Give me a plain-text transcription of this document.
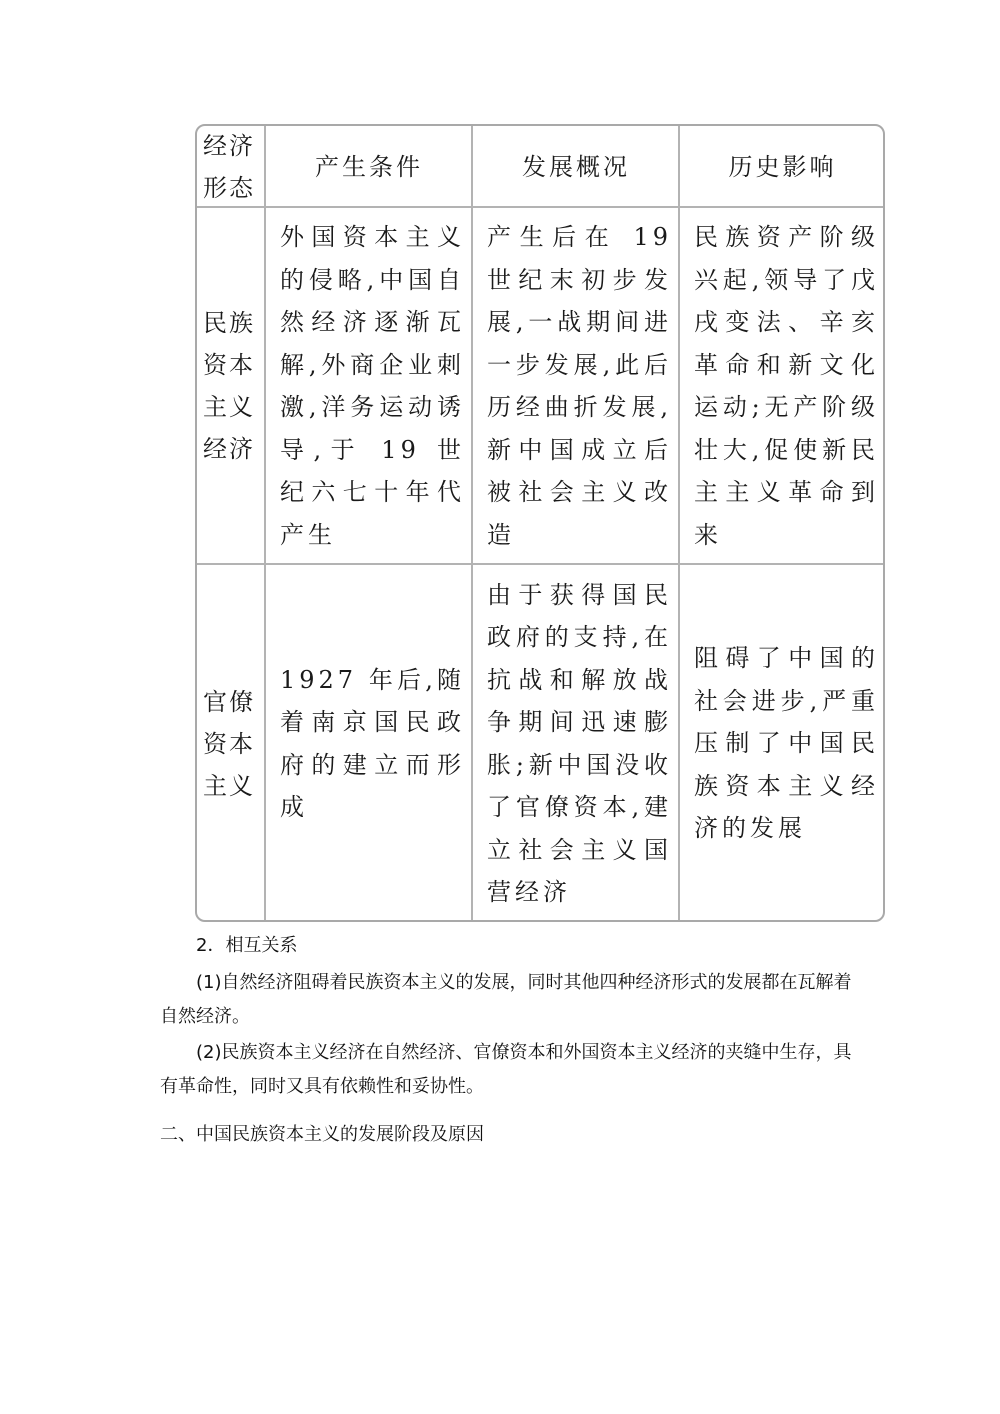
经济
形态
产生条件	发展概况	历史影响
民族
资本
主义
经济
外国资本主义的侵略,中国自然经济逐渐瓦解,外商企业刺激,洋务运动诱导,于 19 世纪六七十年代产生
产生后在 19 世纪末初步发展,一战期间进一步发展,此后历经曲折发展,新中国成立后被社会主义改造
民族资产阶级兴起,领导了戊戌变法、辛亥革命和新文化运动;无产阶级壮大,促使新民主主义革命到来
官僚
资本
主义
1927 年后,随着南京国民政府的建立而形成
由于获得国民政府的支持,在抗战和解放战争期间迅速膨胀;新中国没收了官僚资本,建立社会主义国营经济
阻碍了中国的社会进步,严重压制了中国民族资本主义经济的发展
2．相互关系
(1)自然经济阻碍着民族资本主义的发展，同时其他四种经济形式的发展都在瓦解着自然经济。
(2)民族资本主义经济在自然经济、官僚资本和外国资本主义经济的夹缝中生存，具有革命性，同时又具有依赖性和妥协性。
二、中国民族资本主义的发展阶段及原因
